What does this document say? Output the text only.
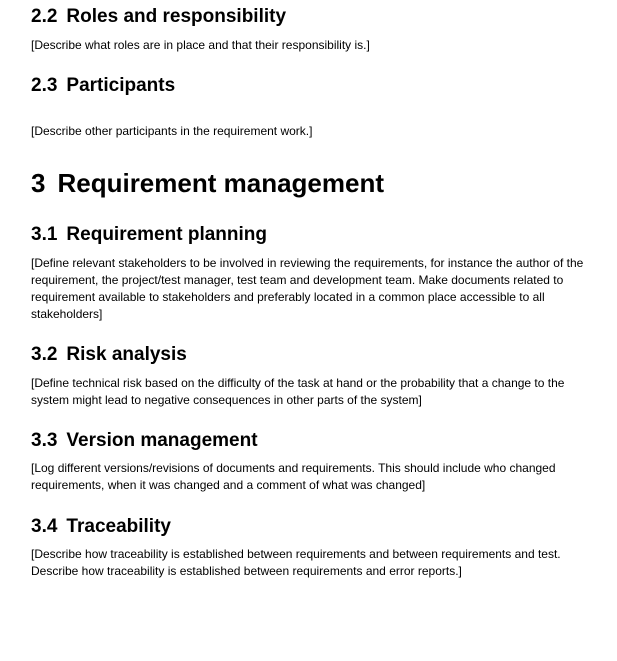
2.2 Roles and responsibility

[Describe what roles are in place and that their responsibility is.]

2.3 Participants

[Describe other participants in the requirement work.]

3 Requirement management
3.1 Requirement planning

[Define relevant stakeholders to be involved in reviewing the requirements, for instance the author of the requirement, the project/test manager, test team and development team. Make documents related to requirement available to stakeholders and preferably located in a common place accessible to all stakeholders]

3.2 Risk analysis

[Define technical risk based on the difficulty of the task at hand or the probability that a change to the system might lead to negative consequences in other parts of the system]

3.3 Version management

[Log different versions/revisions of documents and requirements. This should include who changed requirements, when it was changed and a comment of what was changed]

3.4 Traceability

[Describe how traceability is established between requirements and between requirements and test. Describe how traceability is established between requirements and error reports.]
